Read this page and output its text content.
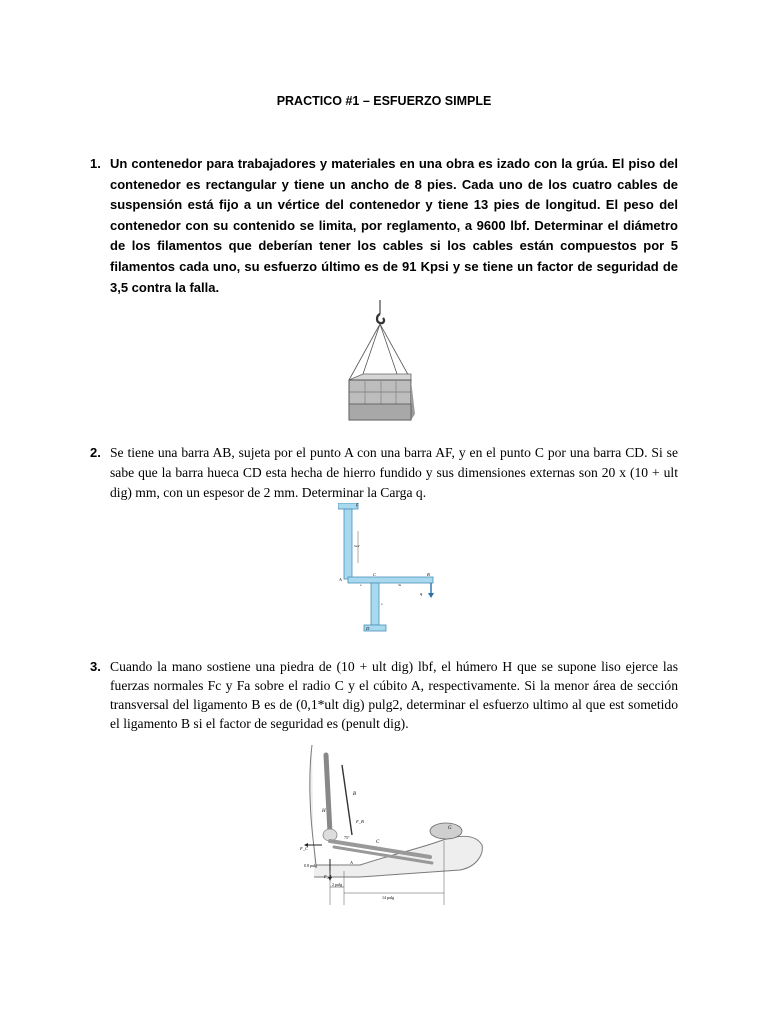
PRACTICO #1 – ESFUERZO SIMPLE
1. Un contenedor para trabajadores y materiales en una obra es izado con la grúa. El piso del contenedor es rectangular y tiene un ancho de 8 pies. Cada uno de los cuatro cables de suspensión está fijo a un vértice del contenedor y tiene 13 pies de longitud. El peso del contenedor con su contenido se limita, por reglamento, a 9600 lbf. Determinar el diámetro de los filamentos que deberían tener los cables si los cables están compuestos por 5 filamentos cada uno, su esfuerzo último es de 91 Kpsi y se tiene un factor de seguridad de 3,5 contra la falla.
2. Se tiene una barra AB, sujeta por el punto A con una barra AF, y en el punto C por una barra CD. Si se sabe que la barra hueca CD esta hecha de hierro fundido y sus dimensiones externas son 20 x (10 + ult dig) mm, con un espesor de 2 mm. Determinar la Carga q.
F
A
C	B
D
q
5a/2
3a
a
a
3. Cuando la mano sostiene una piedra de (10 + ult dig) lbf, el húmero H que se supone liso ejerce las fuerzas normales Fc y Fa sobre el radio C y el cúbito A, respectivamente. Si la menor área de sección transversal del ligamento B es de (0,1*ult dig) pulg2, determinar el esfuerzo ultimo al que est sometido el ligamento B si el factor de seguridad es (penult dig).
H
B
F_B
G
C
F_C
75°
A
0.8 pulg
F_A
2 pulg
14 pulg
